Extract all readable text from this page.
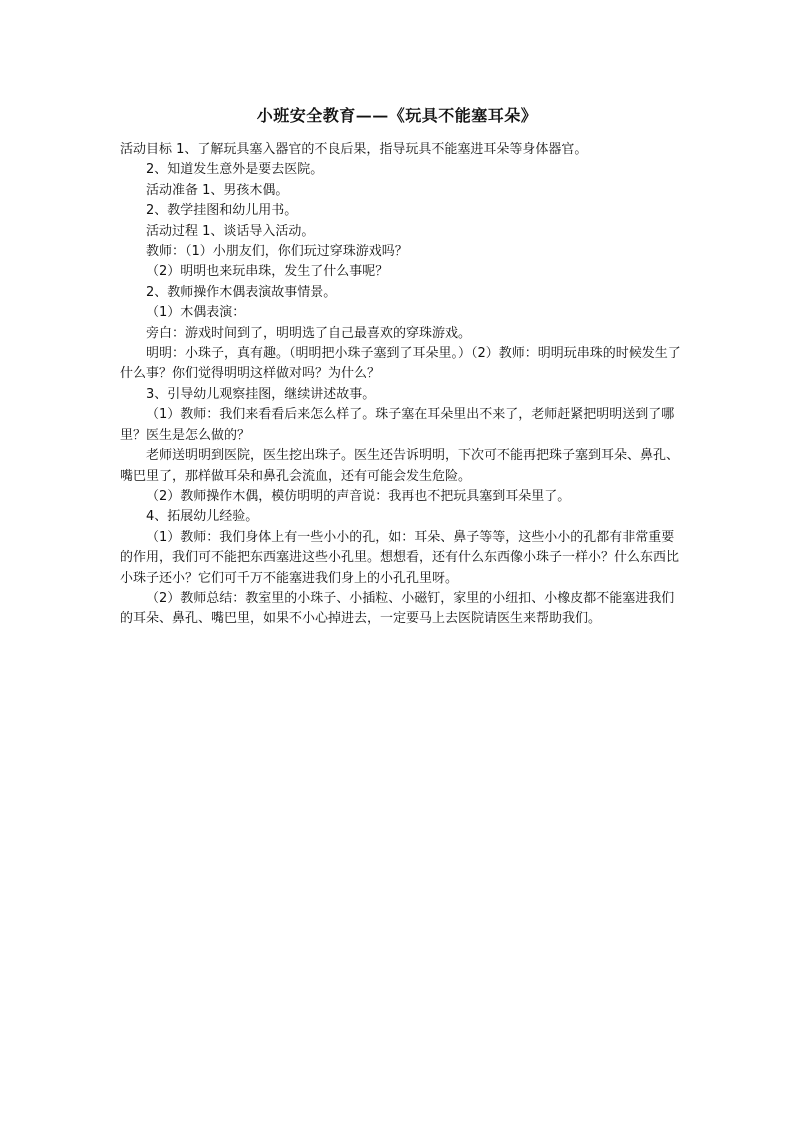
小班安全教育——《玩具不能塞耳朵》

活动目标 1、了解玩具塞入器官的不良后果，指导玩具不能塞进耳朵等身体器官。

2、知道发生意外是要去医院。

活动准备 1、男孩木偶。

2、教学挂图和幼儿用书。

活动过程 1、谈话导入活动。

教师：（1）小朋友们，你们玩过穿珠游戏吗？

（2）明明也来玩串珠，发生了什么事呢？

2、教师操作木偶表演故事情景。

（1）木偶表演：

旁白：游戏时间到了，明明选了自己最喜欢的穿珠游戏。

明明：小珠子，真有趣。（明明把小珠子塞到了耳朵里。）（2）教师：明明玩串珠的时候发生了什么事？你们觉得明明这样做对吗？为什么？

3、引导幼儿观察挂图，继续讲述故事。

（1）教师：我们来看看后来怎么样了。珠子塞在耳朵里出不来了，老师赶紧把明明送到了哪里？医生是怎么做的？

老师送明明到医院，医生挖出珠子。医生还告诉明明，下次可不能再把珠子塞到耳朵、鼻孔、嘴巴里了，那样做耳朵和鼻孔会流血，还有可能会发生危险。

（2）教师操作木偶，模仿明明的声音说：我再也不把玩具塞到耳朵里了。

4、拓展幼儿经验。

（1）教师：我们身体上有一些小小的孔，如：耳朵、鼻子等等，这些小小的孔都有非常重要的作用，我们可不能把东西塞进这些小孔里。想想看，还有什么东西像小珠子一样小？什么东西比小珠子还小？它们可千万不能塞进我们身上的小孔孔里呀。

（2）教师总结：教室里的小珠子、小插粒、小磁钉，家里的小纽扣、小橡皮都不能塞进我们的耳朵、鼻孔、嘴巴里，如果不小心掉进去，一定要马上去医院请医生来帮助我们。
